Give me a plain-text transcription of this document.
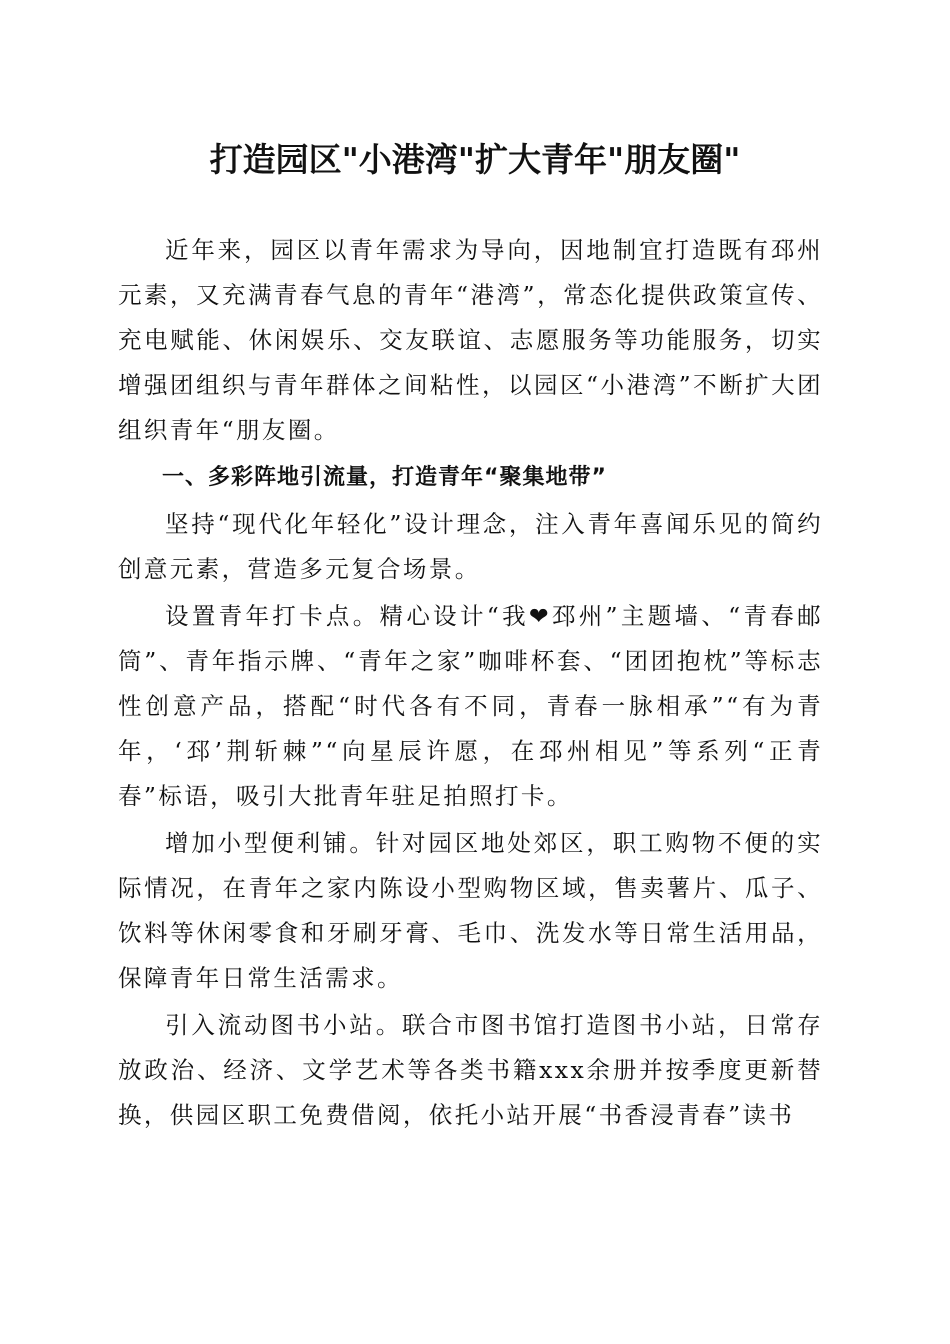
打造园区"小港湾"扩大青年"朋友圈"

近年来，园区以青年需求为导向，因地制宜打造既有邳州元素，又充满青春气息的青年“港湾”，常态化提供政策宣传、充电赋能、休闲娱乐、交友联谊、志愿服务等功能服务，切实增强团组织与青年群体之间粘性，以园区“小港湾”不断扩大团组织青年“朋友圈。

一、多彩阵地引流量，打造青年“聚集地带”

坚持“现代化年轻化”设计理念，注入青年喜闻乐见的简约创意元素，营造多元复合场景。

设置青年打卡点。精心设计“我❤邳州”主题墙、“青春邮筒”、青年指示牌、“青年之家”咖啡杯套、“团团抱枕”等标志性创意产品，搭配“时代各有不同，青春一脉相承”“有为青年，‘邳’荆斩棘”“向星辰许愿，在邳州相见”等系列“正青春”标语，吸引大批青年驻足拍照打卡。

增加小型便利铺。针对园区地处郊区，职工购物不便的实际情况，在青年之家内陈设小型购物区域，售卖薯片、瓜子、饮料等休闲零食和牙刷牙膏、毛巾、洗发水等日常生活用品，保障青年日常生活需求。

引入流动图书小站。联合市图书馆打造图书小站，日常存放政治、经济、文学艺术等各类书籍xxx余册并按季度更新替换，供园区职工免费借阅，依托小站开展“书香浸青春”读书
